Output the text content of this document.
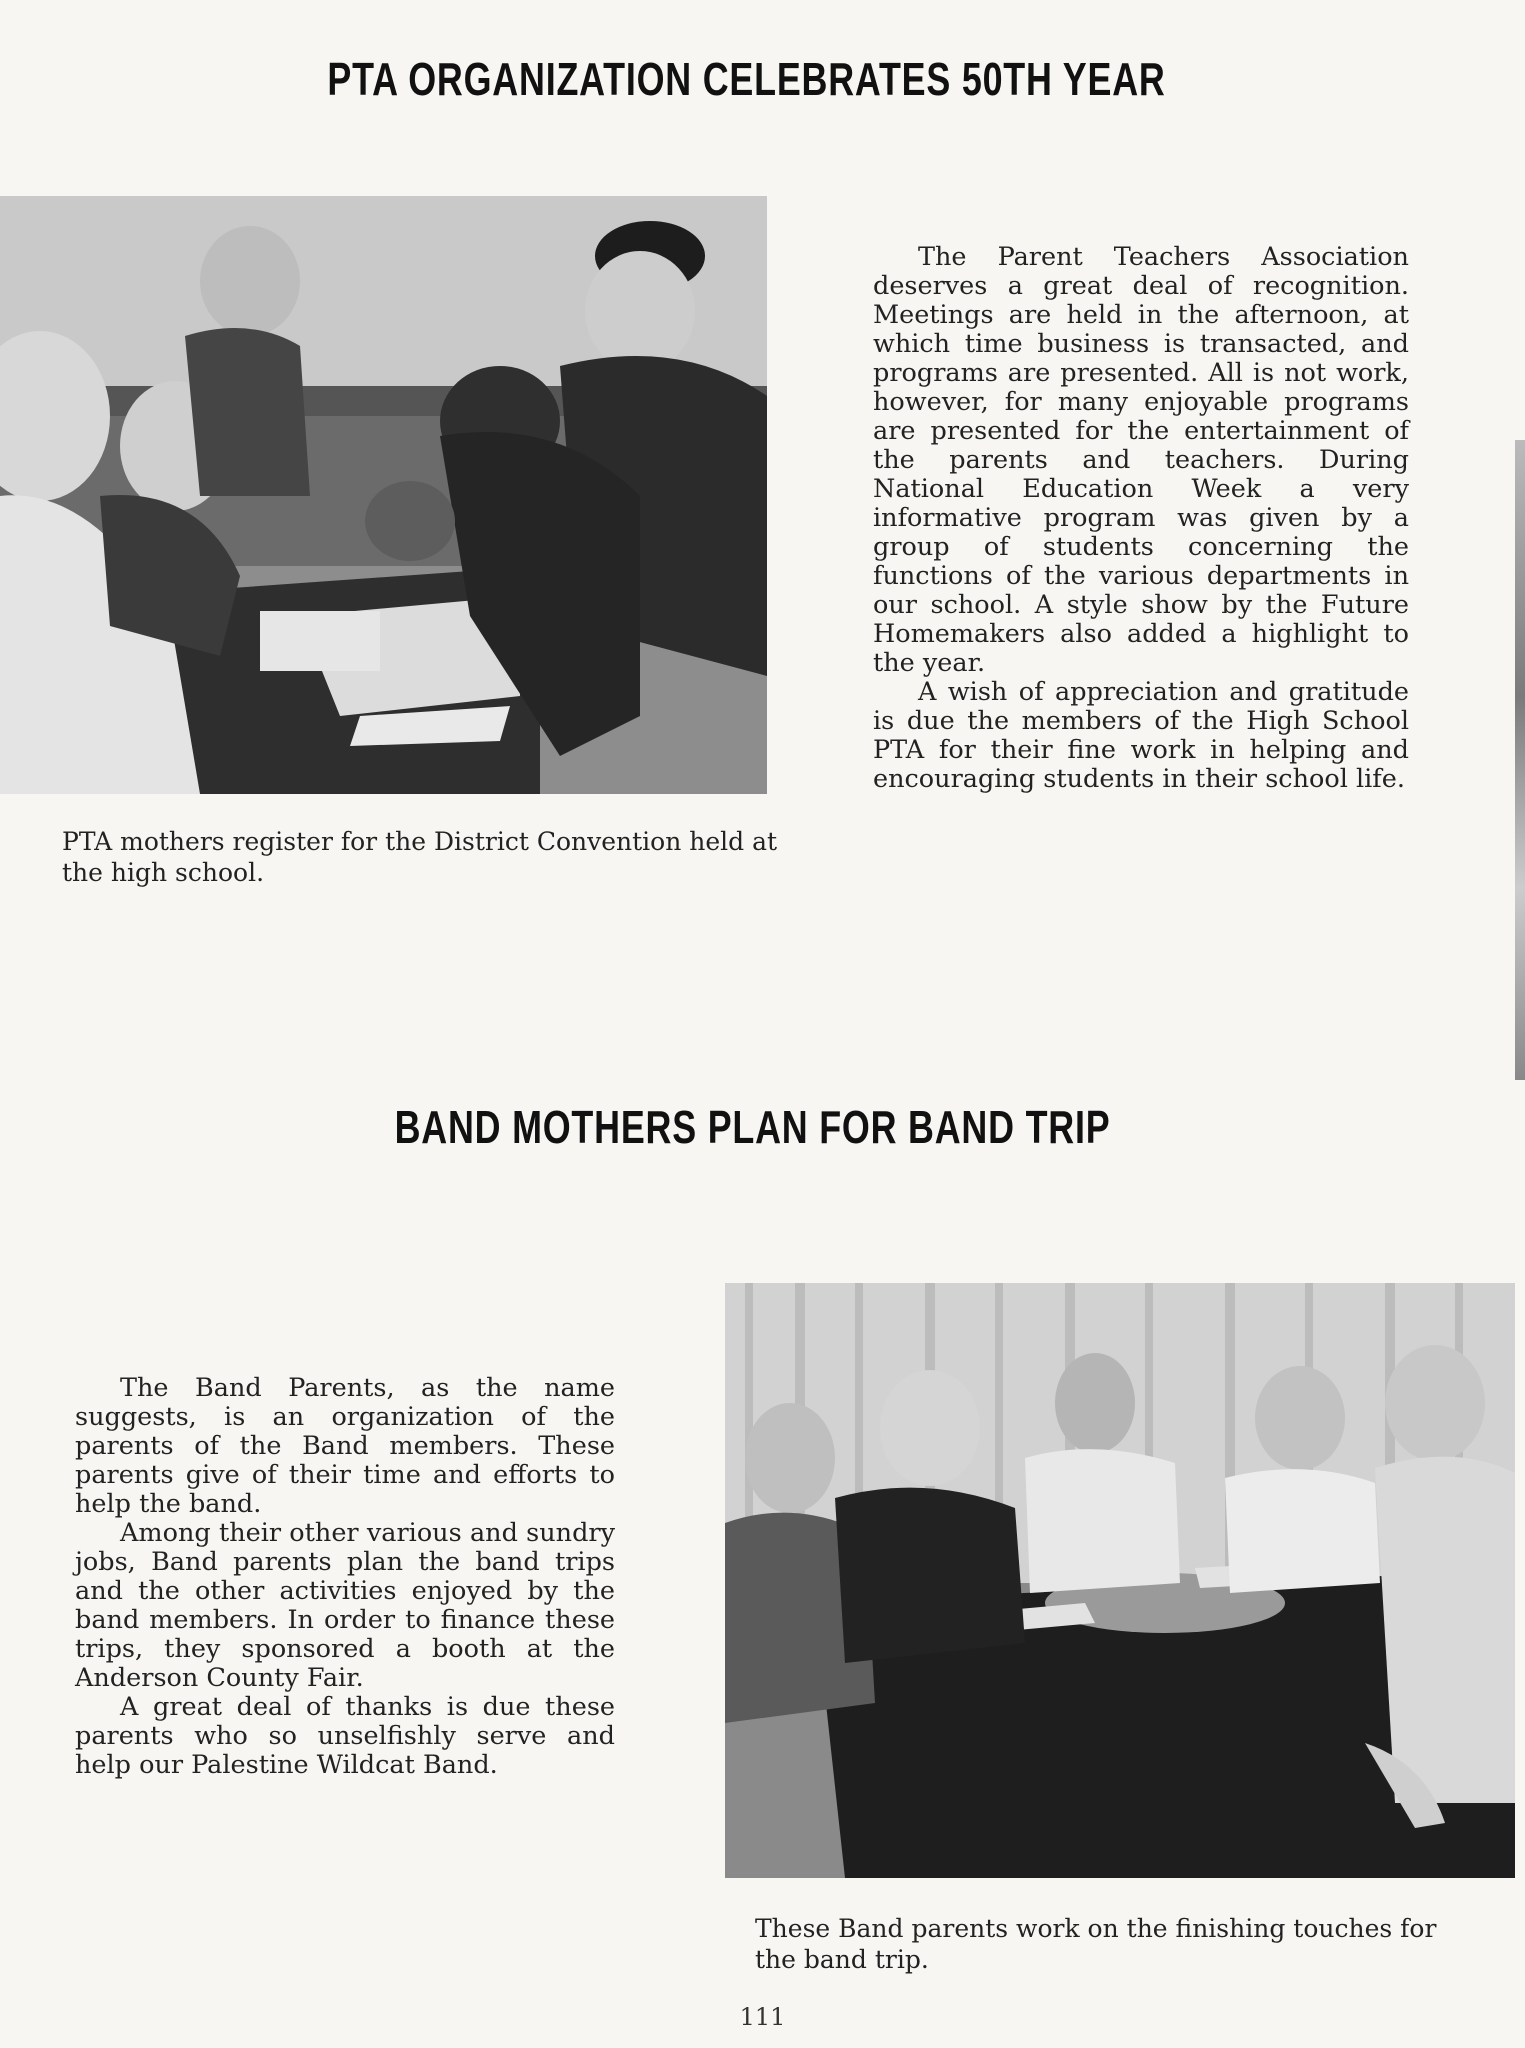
PTA ORGANIZATION CELEBRATES 50TH YEAR
PTA mothers register for the District Convention held at the high school.

The Parent Teachers Association deserves a great deal of recognition. Meetings are held in the afternoon, at which time business is transacted, and programs are presented. All is not work, however, for many enjoyable programs are presented for the entertainment of the parents and teachers. During National Education Week a very informative program was given by a group of students concerning the functions of the various departments in our school. A style show by the Future Homemakers also added a highlight to the year.

A wish of appreciation and gratitude is due the members of the High School PTA for their fine work in helping and encouraging students in their school life.

BAND MOTHERS PLAN FOR BAND TRIP

The Band Parents, as the name suggests, is an organization of the parents of the Band members. These parents give of their time and efforts to help the band.

Among their other various and sundry jobs, Band parents plan the band trips and the other activities enjoyed by the band members. In order to finance these trips, they sponsored a booth at the Anderson County Fair.

A great deal of thanks is due these parents who so unselfishly serve and help our Palestine Wildcat Band.

These Band parents work on the finishing touches for the band trip.
111
